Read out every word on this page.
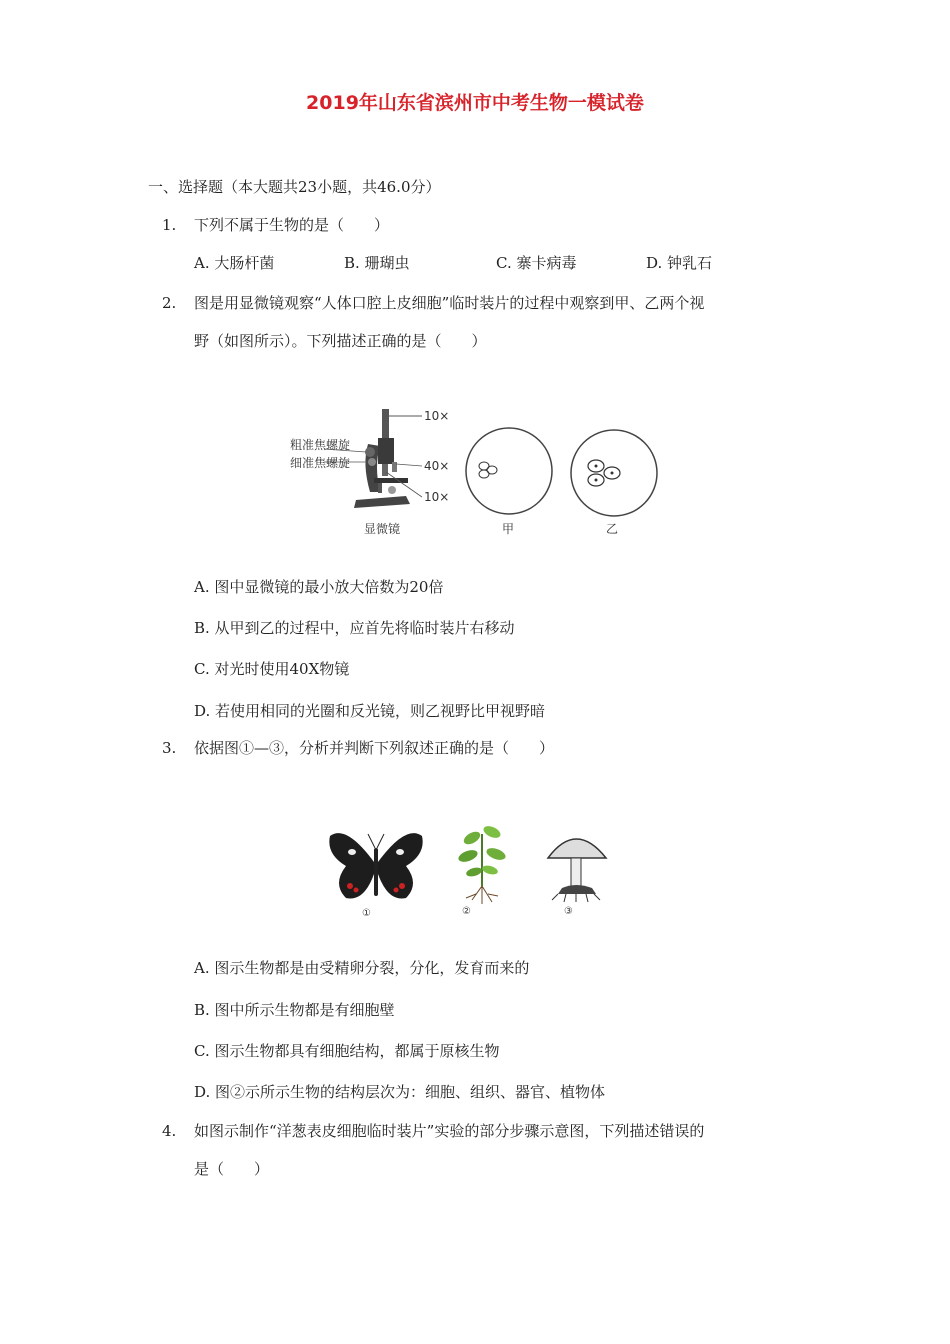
2019年山东省滨州市中考生物一模试卷
一、选择题（本大题共23小题，共46.0分）
1. 下列不属于生物的是（　　）
A. 大肠杆菌	B. 珊瑚虫	C. 寨卡病毒	D. 钟乳石
2. 图是用显微镜观察“人体口腔上皮细胞”临时装片的过程中观察到甲、乙两个视
野（如图所示）。下列描述正确的是（　　）
粗准焦螺旋
细准焦螺旋
10×
40×
10×
显微镜	甲	乙
A. 图中显微镜的最小放大倍数为20倍
B. 从甲到乙的过程中，应首先将临时装片右移动
C. 对光时使用40X物镜
D. 若使用相同的光圈和反光镜，则乙视野比甲视野暗
3. 依据图①—③，分析并判断下列叙述正确的是（　　）
①	②	③
A. 图示生物都是由受精卵分裂，分化，发育而来的
B. 图中所示生物都是有细胞壁
C. 图示生物都具有细胞结构，都属于原核生物
D. 图②示所示生物的结构层次为：细胞、组织、器官、植物体
4. 如图示制作“洋葱表皮细胞临时装片”实验的部分步骤示意图，下列描述错误的
是（　　）
